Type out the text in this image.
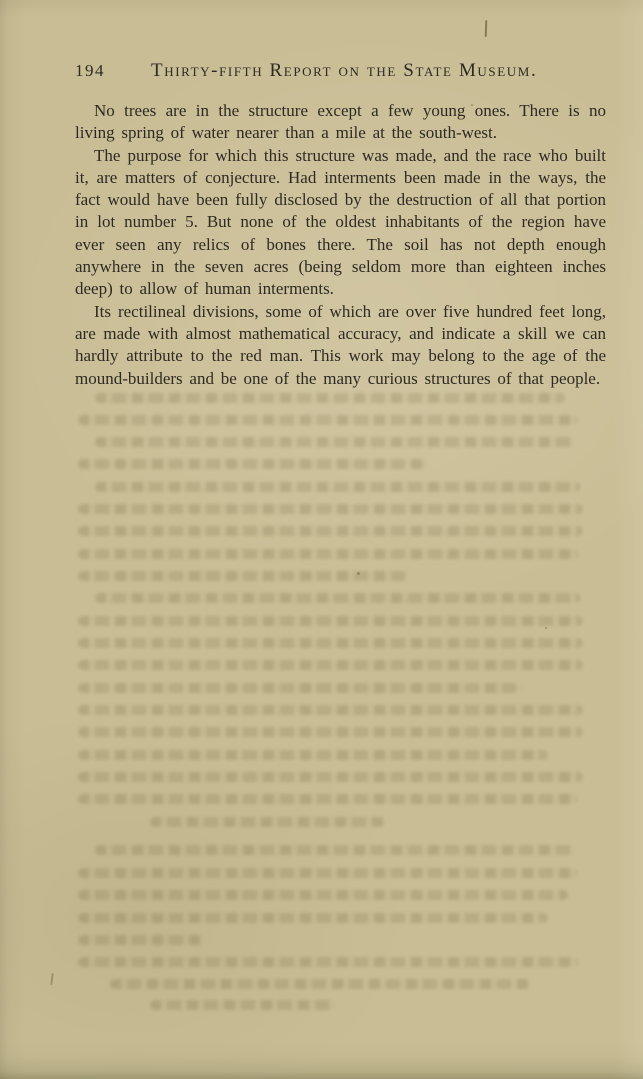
194 Thirty-fifth Report on the State Museum.

No trees are in the structure except a few young ones. There is no living spring of water nearer than a mile at the south-west.

The purpose for which this structure was made, and the race who built it, are matters of conjecture. Had interments been made in the ways, the fact would have been fully disclosed by the destruction of all that portion in lot number 5. But none of the oldest inhabitants of the region have ever seen any relics of bones there. The soil has not depth enough anywhere in the seven acres (being seldom more than eighteen inches deep) to allow of human interments.

Its rectilineal divisions, some of which are over five hundred feet long, are made with almost mathematical accuracy, and indicate a skill we can hardly attribute to the red man. This work may belong to the age of the mound-builders and be one of the many curious structures of that people.
